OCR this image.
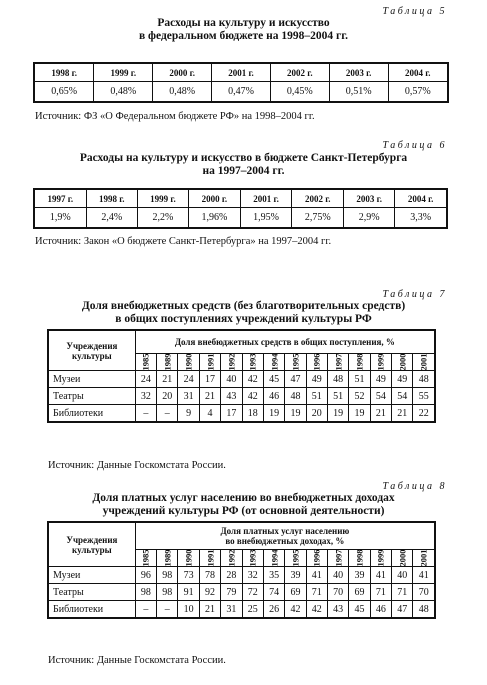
Таблица 5
Расходы на культуру и искусство
в федеральном бюджете на 1998–2004 гг.
1998 г.	1999 г.	2000 г.	2001 г.	2002 г.	2003 г.	2004 г.
0,65%	0,48%	0,48%	0,47%	0,45%	0,51%	0,57%
Источник: ФЗ «О Федеральном бюджете РФ» на 1998–2004 гг.
Таблица 6
Расходы на культуру и искусство в бюджете Санкт-Петербурга
на 1997–2004 гг.
1997 г.	1998 г.	1999 г.	2000 г.	2001 г.	2002 г.	2003 г.	2004 г.
1,9%	2,4%	2,2%	1,96%	1,95%	2,75%	2,9%	3,3%
Источник: Закон «О бюджете Санкт-Петербурга» на 1997–2004 гг.
Таблица 7
Доля внебюджетных средств (без благотворительных средств)
в общих поступлениях учреждений культуры РФ
Учреждения культуры	Доля внебюджетных средств в общих поступления, %													
	1985	1989	1990	1991	1992	1993	1994	1995	1996	1997	1998	1999	2000	2001
Музеи	24	21	24	17	40	42	45	47	49	48	51	49	49	48
Театры	32	20	31	21	43	42	46	48	51	51	52	54	54	55
Библиотеки	–	–	9	4	17	18	19	19	20	19	19	21	21	22
Источник: Данные Госкомстата России.
Таблица 8
Доля платных услуг населению во внебюджетных доходах
учреждений культуры РФ (от основной деятельности)
Учреждения культуры	Доля платных услуг населению
во внебюджетных доходах, %													

	1985	1989	1990	1991	1992	1993	1994	1995	1996	1997	1998	1999	2000	2001
Музеи	96	98	73	78	28	32	35	39	41	40	39	41	40	41
Театры	98	98	91	92	79	72	74	69	71	70	69	71	71	70
Библиотеки	–	–	10	21	31	25	26	42	42	43	45	46	47	48
Источник: Данные Госкомстата России.
